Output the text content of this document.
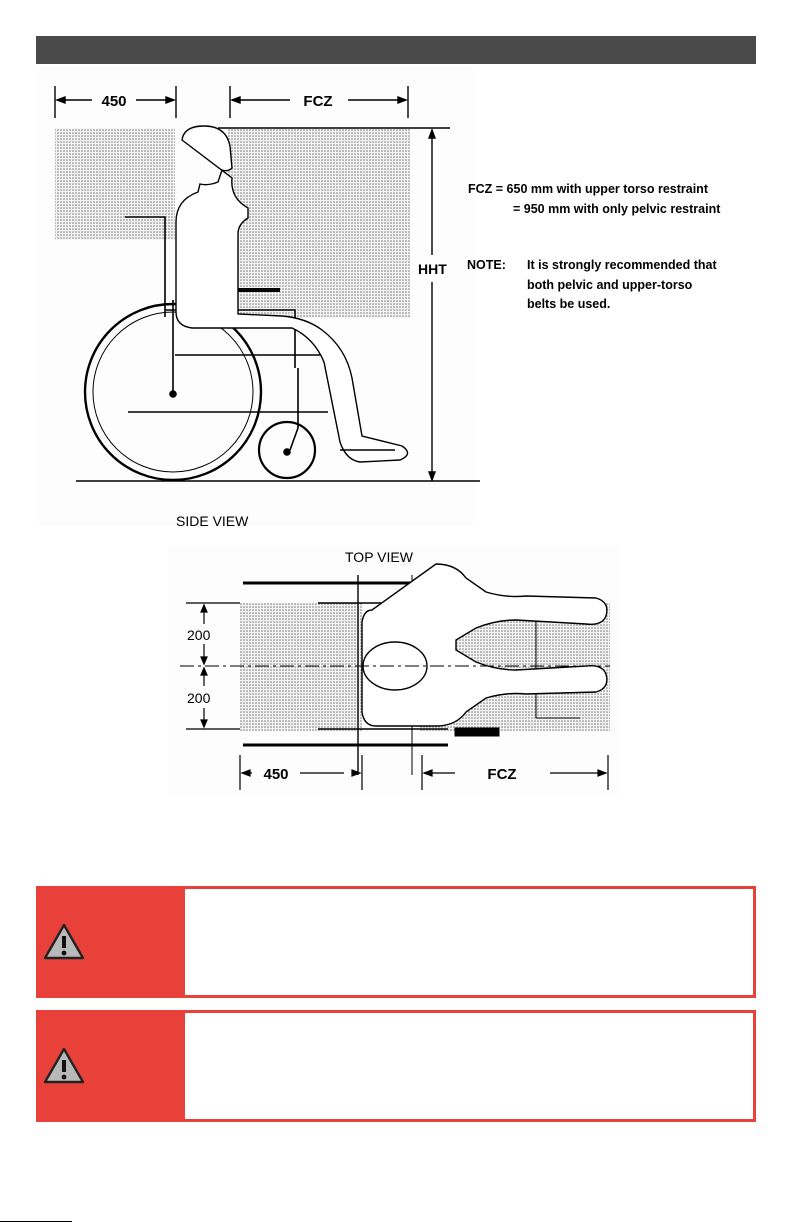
450	FCZ
HHT
FCZ = 650 mm with upper torso restraint
= 950 mm with only pelvic restraint
NOTE: It is strongly recommended that
both pelvic and upper-torso
belts be used.
SIDE VIEW
TOP VIEW
200
200
450	FCZ
